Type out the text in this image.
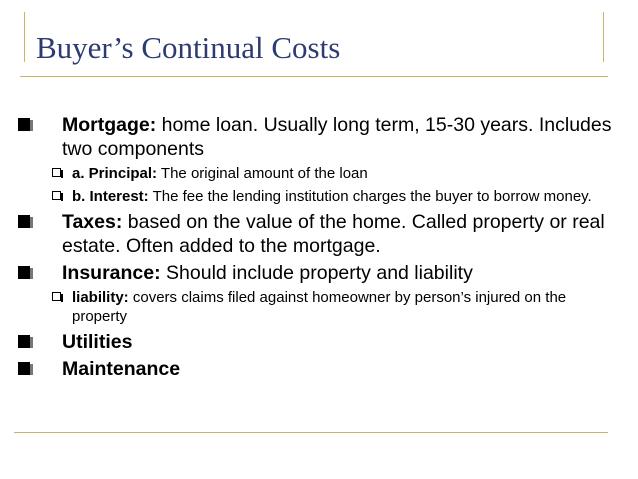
Buyer’s Continual Costs

Mortgage: home loan. Usually long term, 15-30 years. Includes two components

a. Principal: The original amount of the loan

b. Interest: The fee the lending institution charges the buyer to borrow money.

Taxes: based on the value of the home. Called property or real estate. Often added to the mortgage.

Insurance: Should include property and liability

liability: covers claims filed against homeowner by person’s injured on the property

Utilities

Maintenance
